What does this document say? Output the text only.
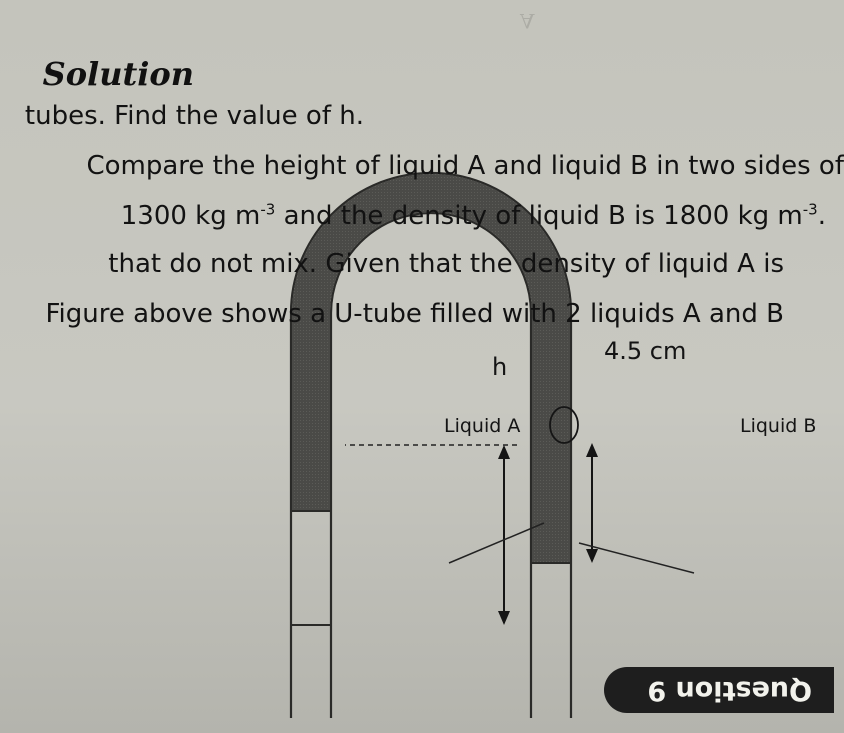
A
Question 9
Liquid B
Liquid A
h
4.5 cm
Figure above shows a U-tube filled with 2 liquids A and B
that do not mix. Given that the density of liquid A is
1300 kg $m^{-3}$ and the density of liquid B is 1800 kg $m^{-3}$.
Compare the height of liquid A and liquid B in two sides of
tubes. Find the value of h.
Solution
